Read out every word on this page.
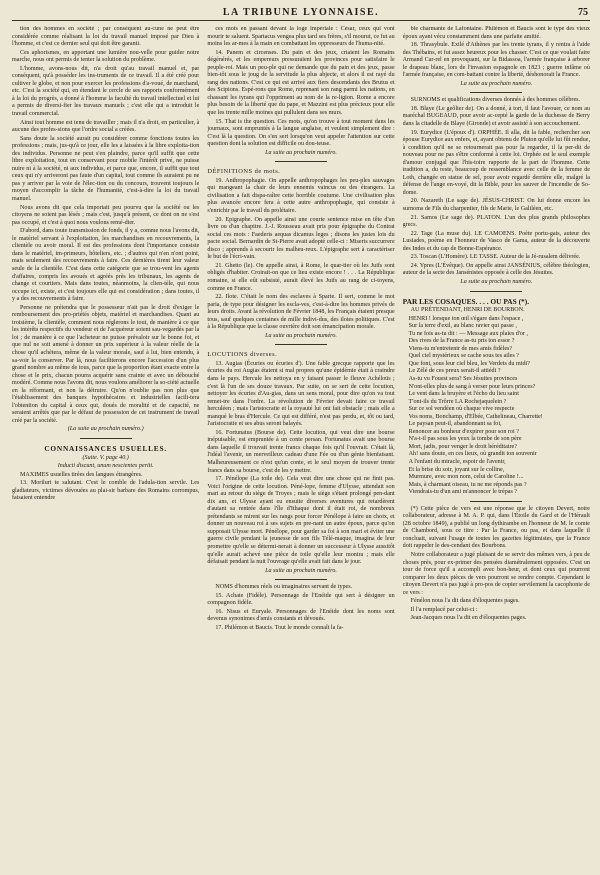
LA TRIBUNE LYONNAISE.	75

tion des hommes en société ; par conséquent au-cune ne peut être considérée comme réalisant la loi du travail manuel imposé par Dieu à l'homme, et c'est ce dernier seul qui doit être garanti.

Ces aphorismes, en apportant une lumière nou-velle pour guider notre marche, nous ont permis de tenter la solution du problème.

L'homme, avons-nous dit, n'a droit qu'au travail manuel et, par conséquent, qu'à posséder les ins-truments de ce travail. Il a été créé pour cultiver le globe, et non pour exercer les professions d'a-voué, de marchand, etc. C'est la société qui, en étendant le cercle de ses rapports conformément à la loi du progrès, a donné à l'homme la faculté du travail intellectuel et lui a permis de diversi-fier les travaux manuels ; c'est elle qui a introduit le travail commercial.

Ainsi tout homme est tenu de travailler ; mais il n'a droit, en particulier, à aucune des profes-sions que l'ordre social a créées.

Sans doute la société aurait pu considérer comme fonctions toutes les professions ; mais, jus-qu'à ce jour, elle les a laissées à la libre exploita-tion des individus. Personne ne peut s'en plaindre, parce qu'il suffit que cette libre exploitation, tout en conservant pour mobile l'intérêt privé, ne puisse nuire ni à la société, ni aux individus, et parce que, encore, il suffit que tout ceux qui n'y arriveront pas faute d'un capital, tout comme ils auraient pu ne pas y arriver par la voie de l'élec-tion ou du concours, trouvent toujours le moyen d'accomplir la tâche de l'humanité, c'est-à-dire la loi du travail manuel.

Nous avons dit que cela importait peu pourvu que la société ou les citoyens ne soient pas lésés ; mais c'est, jusqu'à présent, ce dont on ne s'est pas occupé, et c'est à quoi nous voulons remé-dier.

D'abord, dans toute transmission de fonds, il y a, comme nous l'avons dit, le matériel servant à l'exploitation, les marchandises en recouvrements, la clientèle ou avoir moral. Il est des professions dont l'importance consiste dans le matériel, im-primeurs, hôteliers, etc. ; d'autres qui n'en n'ont point, mais seulement des recouvrements à faire. Ces dernières tirent leur valeur seule de la clientèle. C'est dans cette catégorie que se trou-vent les agents d'affaires, compris les avoués et agréés près les tribunaux, les agents de change et courtiers. Mais dans toutes, néanmoins, la clien-tèle, qui nous occupe ici, existe, et c'est toujours elle qui est considération ; dans toutes, il y a des recouvrements à faire.

Personne ne prétendra que le possesseur n'ait pas le droit d'exiger le remboursement des pro-priétés objets, matériel et marchandises. Quant au troisième, la clientèle, comment nous réglerons le tout, de manière à ce que les intérêts respectifs du vendeur et de l'acquéreur soient sau-vegardés par la loi ; de manière à ce que l'acheteur ne puisse prévaloir sur le bonne foi, et que nul ne soit amené à donner un prix supérieur à la valeur réelle de la chose qu'il achètera, même de la valeur morale, sauf à lui, bien entendu, à sa-voir la conserver. Par là, nous faciliterons encore l'accession d'un plus grand nombre au même de tous, parce que la proportion étant exacte entre la chose et le prix, chacun pourra acquérir sans crainte et avec un débouché modéré. Comme nous l'avons dit, nous voulons améliorer la so-ciété actuelle en la réformant, et non la détruire. Qu'on n'oublie pas non plus que l'établissement des banques hypothécaires et industrielles facili-tera l'obtention du capital à ceux qui, doués de moralité et de capacité, ne seraient arrêtés que par le défaut de possession de cet instrument de travail créé par la société.

(La suite au prochain numéro.)
CONNAISSANCES USUELLES.
(Suite. V. page 40.)
Inducti discunt, unum nescientes periti.

MAXIMES usuelles tirées des langues étrangères.

13. Moriluri te salutant. C'est le comble de l'adula-tion servile. Les gladiateurs, victimes dévouées au plai-sir barbare des Romains corrompus, faisaient entendre

ces mots en passant devant la loge impériale : César, ceux qui vont mourir te saluent. Spartacus vengea plus tard ses frères, s'il mourut, ce fut au moins les ar-mes à la main en combattant les oppresseurs de l'huma-nité.

14. Panem et circenses. Du pain et des jeux, criaient les Romains dégénérés, et les empereurs pressuraient les provinces pour satisfaire le peuple-roi. Mais un peu-ple qui ne demande que du pain et des jeux, passe bien-tôt sous le joug de la servitude la plus abjecte, et alors il est rayé du rang des nations. C'est ce qui est arrivé aux fiers descendants des Brutus et des Scipions. Espé-rons que Rome, reprenant son rang parmi les nations, en chassant les tyrans qui l'oppriment au nom de la re-ligion. Rome a encore plus besoin de la liberté que du pape, et Mazzini est plus précieux pour elle que les trente mille moines qui pullulent dans ses murs.

15. That is the question. Ces mots, qu'on trouve à tout moment dans les journaux, sont empruntés à la langue anglaise, et veulent simplement dire : C'est là la question. On s'en sert lorsqu'on veut appeler l'attention sur cette question dont la solution est difficile ou dou-teuse.

La suite au prochain numéro.
DÉFINITIONS de mots.

19. Anthropophagie. On appelle anthropophages les peu-ples sauvages qui mangeant la chair de leurs ennemis vaincus ou des étrangers. La civilisation a fait dispa-raître cette horrible coutume. Une civilisation plus plus avancée encore fera à cette autre anthropophagie, qui consiste à s'enrichir par le travail du prolétaire.

20. Epigraphe. On appelle ainsi une courte sentence mise en tête d'un livre ou d'un chapitre. J.-J. Rousseau avait pris pour épigraphe du Contrat social ces mots : Faederis aequas dicamus leges ; disons les justes lois du pacte social. Bernardin de St-Pierre avait adopté celle-ci : Miseris succurrere disco ; apprends à secourir les malheu-reux. L'épigraphe sert à caractériser le but de l'écri-vain.

21. Ghetto (le). On appelle ainsi, à Rome, le quar-tier où les Juifs sont obligés d'habiter. Croirait-on que ce lieu existe encore ! . . . La République romaine, si elle eût subsisté, aurait élevé les Juifs au rang de ci-toyens, comme en France.

22. Ilote. C'était le nom des esclaves à Sparte. Il sert, comme le mot paria, de type pour désigner les escla-ves, c'est-à-dire les hommes privés de leurs droits. Avant la révolution de Février 1848, les Français étaient presque tous, sauf quelques centaines de mille indivi-dus, des ilotes politiques. C'est à la République que la classe ouvrière doit son émancipation morale.

La suite au prochain numéro.
LOCUTIONS diverses.

13. Augias (Écuries ou écuries d'). Une fable grecque rapporte que les écuries du roi Augias étaient si mal propres qu'une épidémie était à craindre dans le pays. Hercule les nettoya en y faisant passer le fleuve Achéloüs ; c'est là l'un de ses douze travaux. Par suite, on se sert de cette locution, nettoyer les écuries d'Au-gias, dans un sens moral, pour dire qu'on va tout remet-tre dans l'ordre. La révolution de Février devait faire ce travail herculéen ; mais l'aristocratie et la royauté lui ont fait obstacle ; mais elle a manqué le bras d'Hercule. Ce qui est différé, n'est pas perdu, et, tôt ou tard, l'aristocratie et ses abus seront balayés.

16. Fortunatus (Bourse de). Cette locution, qui veut dire une bourse inépuisable, est empruntée à un conte persan. Fortunatus avait une bourse dans laquelle il trouvait trente francs chaque fois qu'il l'ouvrait. C'était là, l'idéal l'avenir, un merveilleux cadeau d'une Fée ou d'un génie bienfaisant. Malheureusement ce n'est qu'un conte, et le seul moyen de trouver trente francs dans sa bourse, c'est de les y mettre.

17. Pénélope (La toile de). Cela veut dire une chose qui ne finit pas. Voici l'origine de cette locution. Péné-lope, femme d'Ulysse, attendait son mari au retour du siège de Troyes ; mais le siège s'étant prolongé pen-dant dix ans, et Ulysse ayant eu ensuite diverses aventures qui retardèrent d'autant sa rentrée dans l'île d'Ithaque dont il était roi, de nombreux prétendants se mirent sur les rangs pour forcer Pénélope à faire un choix, et donner un nouveau roi à ses sujets en pre-nant un autre époux, parce qu'on supposait Ulysse mort. Pénélope, pour garder sa foi à son mari et éviter une guerre civile pendant la jeunesse de son fils Télé-maque, imagina de leur promettre qu'elle se détermi-nerait à donner un successeur à Ulysse aussitôt qu'elle aurait achevé une pièce de toile qu'elle leur montra ; mais elle défaisait pendant la nuit l'ouvrage qu'elle avait fait dans le jour.

La suite au prochain numéro.

NOMS d'hommes réels ou imaginaires servant de types.

15. Achate (Fidèle). Personnage de l'Enéide qui sert à désigner un compagnon fidèle.

16. Nisus et Euryale. Personnages de l'Enéide dont les noms sont devenus synonimes d'amis constants et dévoués.

17. Philémon et Baucis. Tout le monde connaît la fa-

ble charmante de Lafontaine. Philémon et Baucis sont le type des vieux époux ayant vécu constamment dans une parfaite amitié.

18. Thrasybule. Exilé d'Athènes par les trente tyrans, il y rentra à l'aide des Thébains, et fut assez heureux pour les chasser. C'est ce que voulait faire Armand Car-rel en provoquant, sur la Bidassoa, l'armée française à arborer le drapeau blanc, lors de l'invasion espagnole en 1823 ; guerre infâme où l'armée française, en com-battant contre la liberté, déshonorait la France.

La suite au prochain numéro.

SURNOMS et qualifications diverses donnés à des hommes célèbres.

18. Blaye (Le geôlier de). On a donné, à tort, il faut l'avouer, ce nom au maréchal BUGEAUD, pour avoir ac-cepté la garde de la duchesse de Berry dans la citadelle de Blaye (Gironde) et avoir assisté à son accouchement.

19. Eurydice (L'époux d'). ORPHÉE. Il alla, dit la fable, rechercher son épouse Eurydice aux enfers, et, ayant obtenu de Pluton qu'elle lui fût rendue, à condition qu'il ne se retournerait pas pour la regarder, il la per-dit de nouveau pour ne pas s'être conformé à cette loi. Orphée est le seul exemple d'amour conjugal que l'his-toire rapporte de la part de l'homme. Cette tradition a, du reste, beaucoup de ressemblance avec celle de la femme de Loth, changée en statue de sel, pour avoir regardé derrière elle, malgré la défense de l'ange en-voyé, dit la Bible, pour les sauver de l'incendie de So-dome.

20. Nazareth (Le sage de). JÉSUS-CHRIST. On lui donne encore les surnoms de Fils du charpentier, fils de Marie, le Galiléen, etc.

21. Samos (Le sage de). PLATON. L'un des plus grands philosophes grecs.

22. Tage (La muse du). LE CAMOENS. Poète portu-gais, auteur des Lusiades, poème en l'honneur de Vasco de Gama, auteur de la découverte des Indes et du cap de Bonne-Espérance.

23. Toscan (L'Homère). LE TASSE. Auteur de la Jé-rusalem délivrée.

24. Ypres (L'Évêque). On appelle ainsi JANSÉNIUS, célèbre théologien, auteur de la secte des Jansénistes opposée à celle des Jésuites.

La suite au prochain numéro.
PAR LES COSAQUES. . . . OU PAS (*).

AU PRÉTENDANT, HENRI DE BOURBON.

HENRI ! lorsque ton œil s'égare dans l'espace ,
Sur la terre d'exil, au blanc ravier qui passe ,
Tu ne fois as-tu dit : — Message aux plaies d'or ,
Des rives de la France as-tu pris ton essor ?
Viens-tu m'entretenir de mes amis fidèles?
Quel ciel mystérieux se cache sous tes ailes ?
Que font, sous leur ciel bleu, les Verdets du midi?
Le Zélé de ces preux serait-il attiédi ?
As-tu vu Fouest sera? Ses Jésuites provinces
N'ont-elles plus de sang à verser pour leurs princes?
Le vent dans la bruyère et l'écho du lieu saint
T'ont-ils du Trôrre LA Rochejaquelein ?
Sur ce sol vendéen où chaque vive respecte
Vos noms, Bonchamp, d'Elbée, Cathelineau, Charrette!
Le paysan peut-il, abandonnant sa foi,
Renoncer au bonheur d'expirer pour son roi ?
N'a-t-il pas sous les yeux la tombe de son père
Mort, jadis, pour venger le droit héréditaire?
Ah! sans doute, en ces lieux, où grandit ton souvenir
A l'enfant du miracle, espoir de l'avenir,
Et la brise du soir, joyant sur le colline,
Murmure, avec mon nom, celui de Caroline !...
Mais, à charmant oiseau, tu ne me réponds pas ?
Viendrais-tu d'un ami m'annoncer le trépas ?

(*) Cette pièce de vers est une réponse que le citoyen Devert, notre collaborateur, adresse à M. A. P. qui, dans l'Étoile du Gard et de l'Hérault (28 octobre 1849), a publié un long dythirambe en l'honneur de M. le comte de Chambord, sous ce titre : Par la France, ou pas, et dans laquelle il concluait, suivant l'usage de toutes les gazettes légitimistes, que la France doit rappeler le des-cendant des Bourbons.

Notre collaborateur a jugé plaisant de se servir des mêmes vers, à peu de choses près, pour ex-primer des pensées diamétralement opposées. C'est un tour de force qu'il a accompli avec bon-heur, et dont ceux qui pourront comparer les deux pièces de vers pourront se rendre compte. Cependant le citoyen Devert n'a pas jugé à pro-pos de copier servilement la cacophonie de ce vers :

Fénélon nous l'a dit dans d'éloquentes pages.

Il l'a remplacé par celui-ci :

Jean-Jacques nous l'a dit en d'éloquentes pages.
